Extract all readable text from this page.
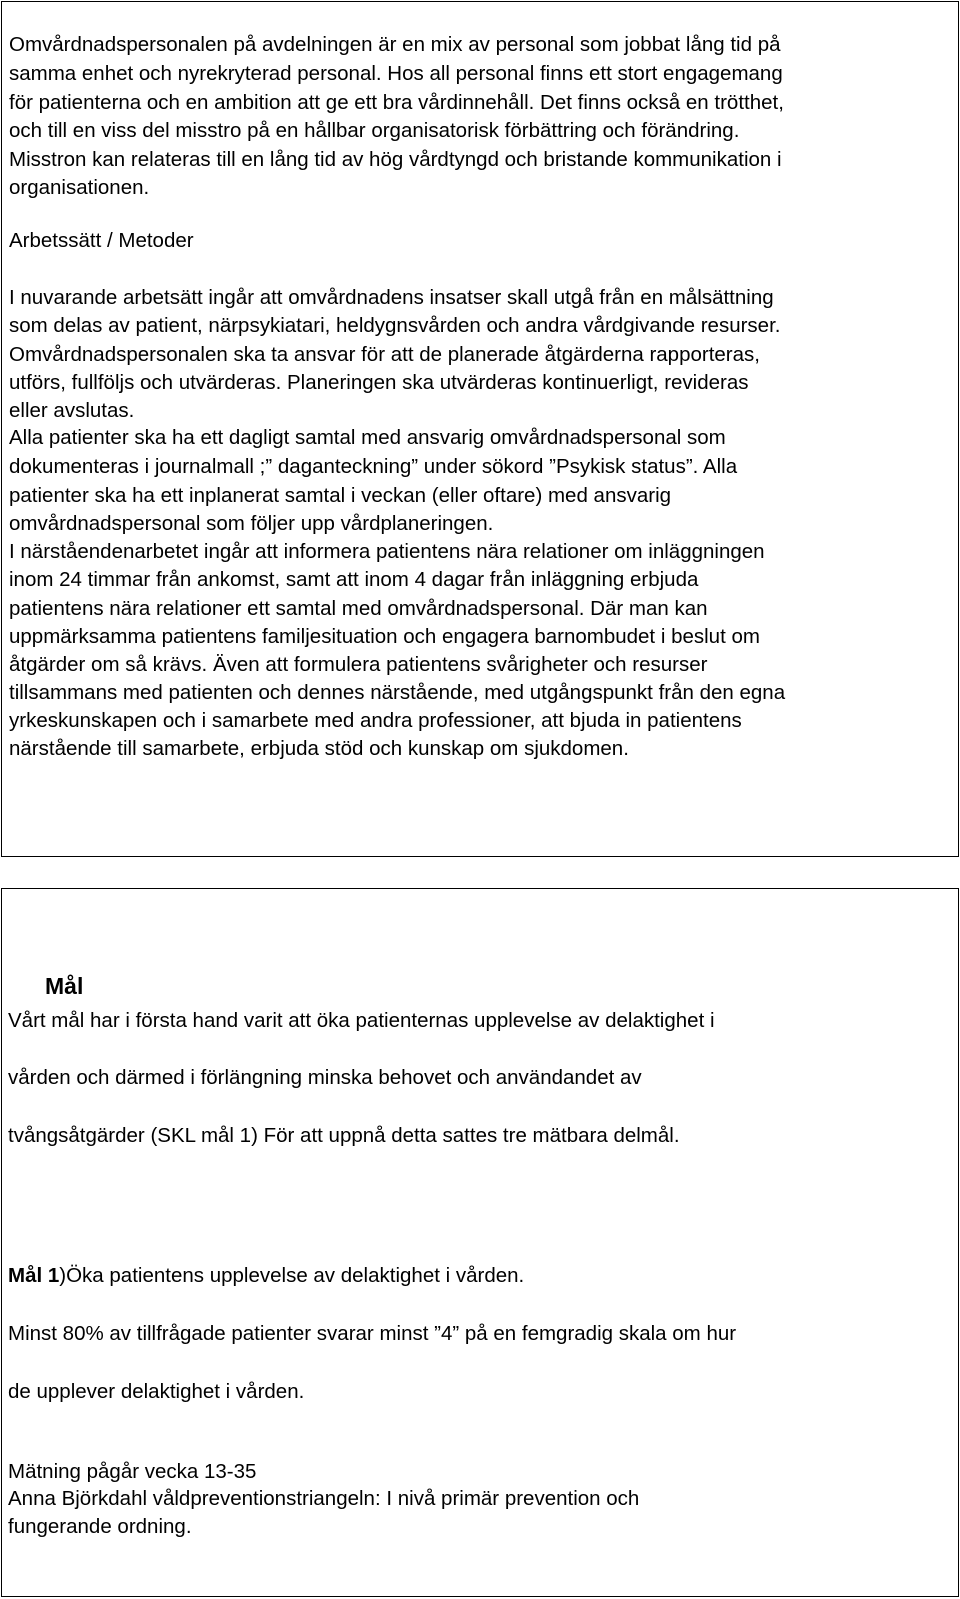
Omvårdnadspersonalen på avdelningen är en mix av personal som jobbat lång tid på
samma enhet och nyrekryterad personal. Hos all personal finns ett stort engagemang
för patienterna och en ambition att ge ett bra vårdinnehåll. Det finns också en trötthet,
och till en viss del misstro på en hållbar organisatorisk förbättring och förändring.
Misstron kan relateras till en lång tid av hög vårdtyngd och bristande kommunikation i
organisationen.
Arbetssätt / Metoder
I nuvarande arbetsätt ingår att omvårdnadens insatser skall utgå från en målsättning
som delas av patient, närpsykiatari, heldygnsvården och andra vårdgivande resurser.
Omvårdnadspersonalen ska ta ansvar för att de planerade åtgärderna rapporteras,
utförs, fullföljs och utvärderas. Planeringen ska utvärderas kontinuerligt, revideras
eller avslutas.
Alla patienter ska ha ett dagligt samtal med ansvarig omvårdnadspersonal som
dokumenteras i journalmall ;” daganteckning” under sökord ”Psykisk status”. Alla
patienter ska ha ett inplanerat samtal i veckan (eller oftare) med ansvarig
omvårdnadspersonal som följer upp vårdplaneringen.
I närståendenarbetet ingår att informera patientens nära relationer om inläggningen
inom 24 timmar från ankomst, samt att inom 4 dagar från inläggning erbjuda
patientens nära relationer ett samtal med omvårdnadspersonal. Där man kan
uppmärksamma patientens familjesituation och engagera barnombudet i beslut om
åtgärder om så krävs. Även att formulera patientens svårigheter och resurser
tillsammans med patienten och dennes närstående, med utgångspunkt från den egna
yrkeskunskapen och i samarbete med andra professioner, att bjuda in patientens
närstående till samarbete, erbjuda stöd och kunskap om sjukdomen.
Mål
Vårt mål har i första hand varit att öka patienternas upplevelse av delaktighet i
vården och därmed i förlängning minska behovet och användandet av
tvångsåtgärder (SKL mål 1) För att uppnå detta sattes tre mätbara delmål.
Mål 1)Öka patientens upplevelse av delaktighet i vården.
Minst 80% av tillfrågade patienter svarar minst ”4” på en femgradig skala om hur
de upplever delaktighet i vården.
Mätning pågår vecka 13-35
Anna Björkdahl våldpreventionstriangeln: I nivå primär prevention och
fungerande ordning.
